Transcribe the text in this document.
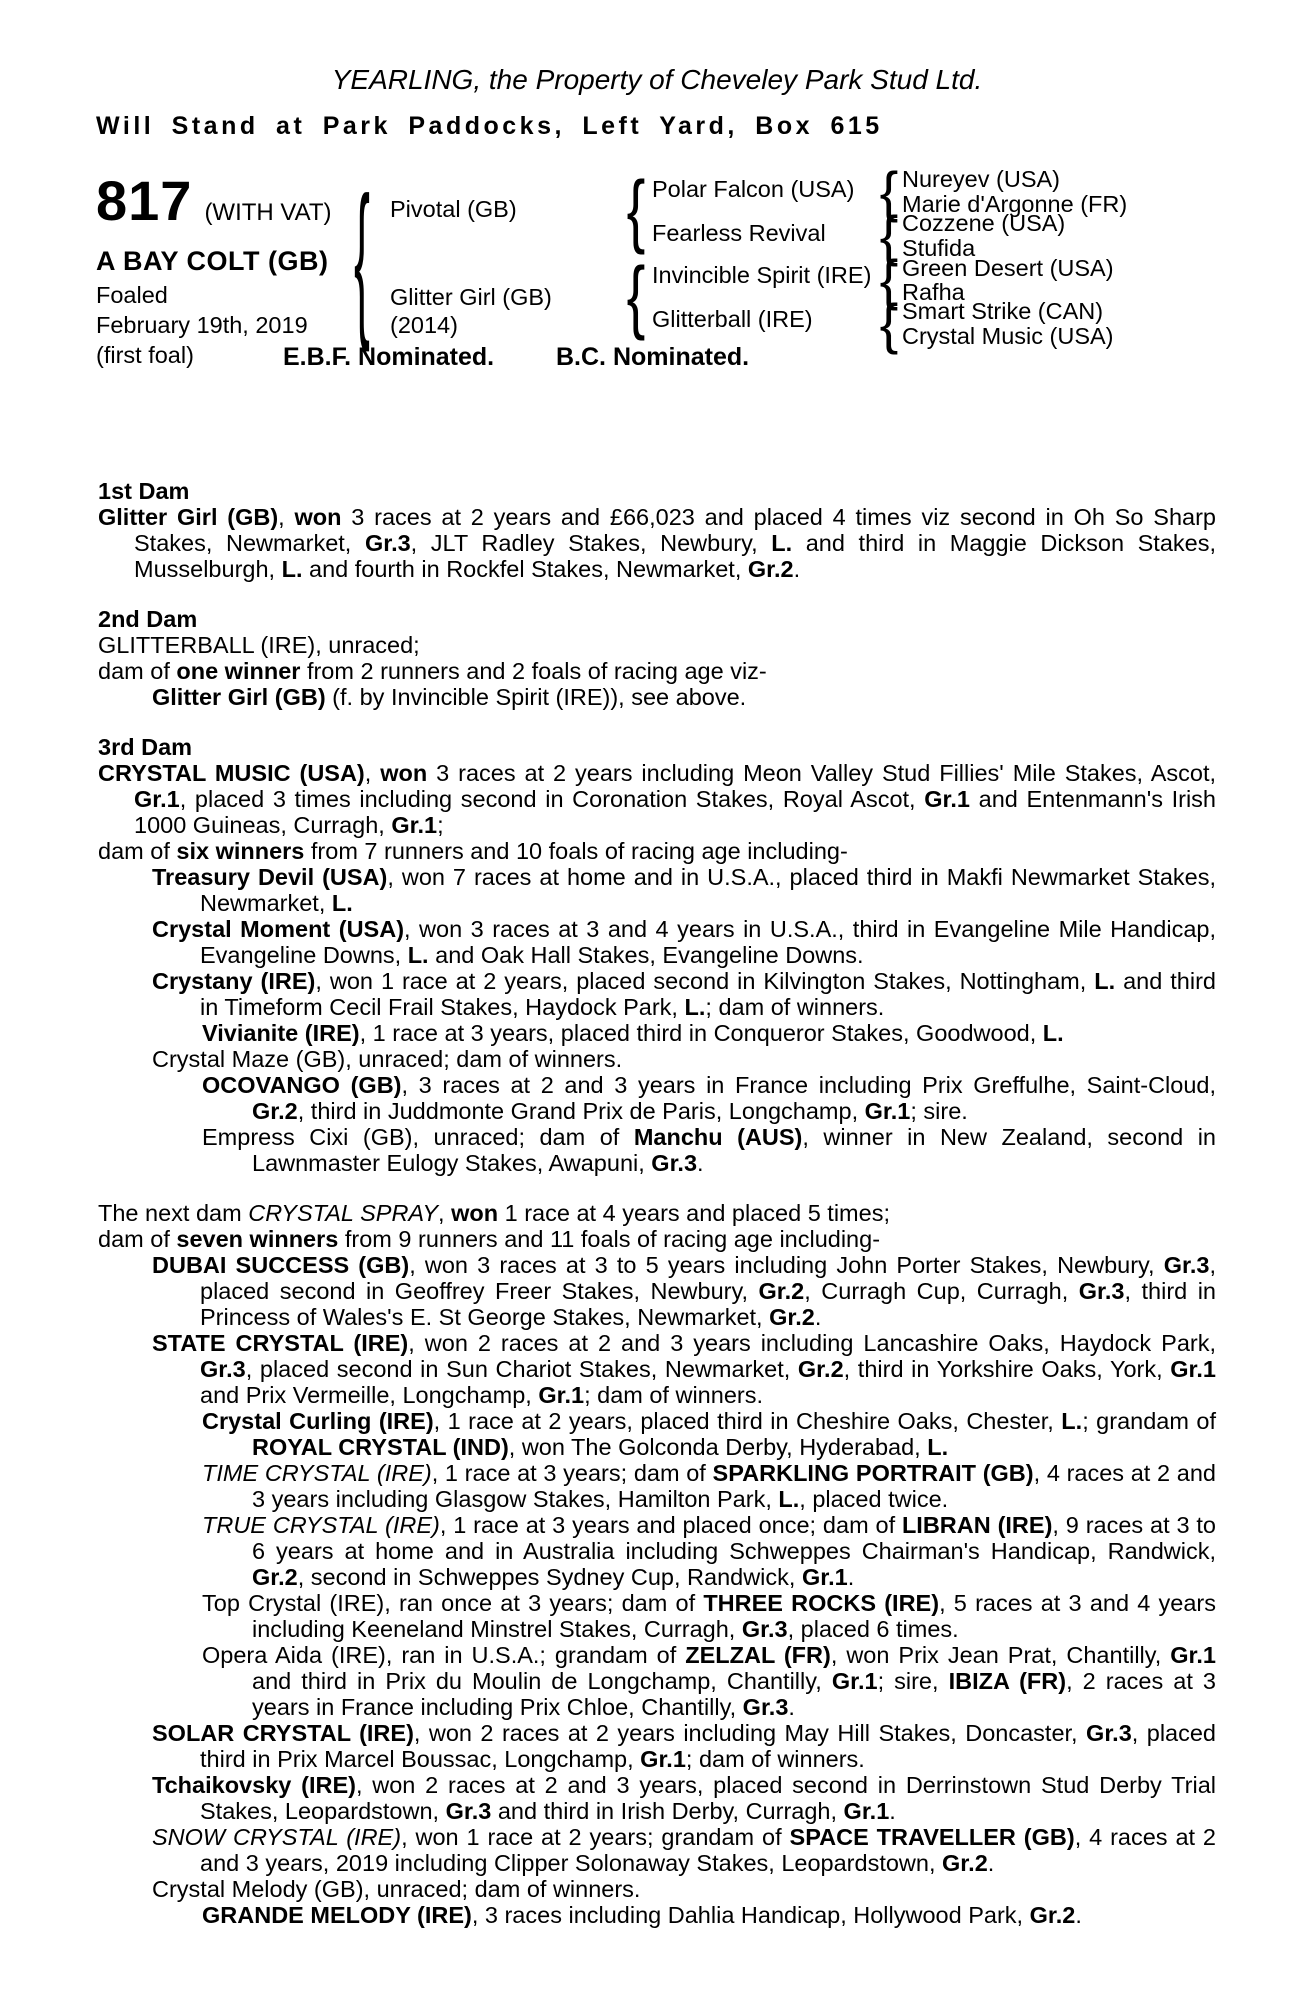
YEARLING, the Property of Cheveley Park Stud Ltd.
Will Stand at Park Paddocks, Left Yard, Box 615
817 (WITH VAT)
A BAY COLT (GB)
Foaled
February 19th, 2019
(first foal)
{
{
{
{
{
{
{
Pivotal (GB)
Glitter Girl (GB)
(2014)
Polar Falcon (USA)
Fearless Revival
Invincible Spirit (IRE)
Glitterball (IRE)
Nureyev (USA)
Marie d'Argonne (FR)
Cozzene (USA)
Stufida
Green Desert (USA)
Rafha
Smart Strike (CAN)
Crystal Music (USA)
E.B.F. Nominated. B.C. Nominated.
1st Dam

Glitter Girl (GB), won 3 races at 2 years and £66,023 and placed 4 times viz second in Oh So Sharp Stakes, Newmarket, Gr.3, JLT Radley Stakes, Newbury, L. and third in Maggie Dickson Stakes, Musselburgh, L. and fourth in Rockfel Stakes, Newmarket, Gr.2.

2nd Dam

GLITTERBALL (IRE), unraced;

dam of one winner from 2 runners and 2 foals of racing age viz-

Glitter Girl (GB) (f. by Invincible Spirit (IRE)), see above.

3rd Dam

CRYSTAL MUSIC (USA), won 3 races at 2 years including Meon Valley Stud Fillies' Mile Stakes, Ascot, Gr.1, placed 3 times including second in Coronation Stakes, Royal Ascot, Gr.1 and Entenmann's Irish 1000 Guineas, Curragh, Gr.1;

dam of six winners from 7 runners and 10 foals of racing age including-

Treasury Devil (USA), won 7 races at home and in U.S.A., placed third in Makfi Newmarket Stakes, Newmarket, L.

Crystal Moment (USA), won 3 races at 3 and 4 years in U.S.A., third in Evangeline Mile Handicap, Evangeline Downs, L. and Oak Hall Stakes, Evangeline Downs.

Crystany (IRE), won 1 race at 2 years, placed second in Kilvington Stakes, Nottingham, L. and third in Timeform Cecil Frail Stakes, Haydock Park, L.; dam of winners.

Vivianite (IRE), 1 race at 3 years, placed third in Conqueror Stakes, Goodwood, L.

Crystal Maze (GB), unraced; dam of winners.

OCOVANGO (GB), 3 races at 2 and 3 years in France including Prix Greffulhe, Saint-Cloud, Gr.2, third in Juddmonte Grand Prix de Paris, Longchamp, Gr.1; sire.

Empress Cixi (GB), unraced; dam of Manchu (AUS), winner in New Zealand, second in Lawnmaster Eulogy Stakes, Awapuni, Gr.3.

The next dam CRYSTAL SPRAY, won 1 race at 4 years and placed 5 times;

dam of seven winners from 9 runners and 11 foals of racing age including-

DUBAI SUCCESS (GB), won 3 races at 3 to 5 years including John Porter Stakes, Newbury, Gr.3, placed second in Geoffrey Freer Stakes, Newbury, Gr.2, Curragh Cup, Curragh, Gr.3, third in Princess of Wales's E. St George Stakes, Newmarket, Gr.2.

STATE CRYSTAL (IRE), won 2 races at 2 and 3 years including Lancashire Oaks, Haydock Park, Gr.3, placed second in Sun Chariot Stakes, Newmarket, Gr.2, third in Yorkshire Oaks, York, Gr.1 and Prix Vermeille, Longchamp, Gr.1; dam of winners.

Crystal Curling (IRE), 1 race at 2 years, placed third in Cheshire Oaks, Chester, L.; grandam of ROYAL CRYSTAL (IND), won The Golconda Derby, Hyderabad, L.

TIME CRYSTAL (IRE), 1 race at 3 years; dam of SPARKLING PORTRAIT (GB), 4 races at 2 and 3 years including Glasgow Stakes, Hamilton Park, L., placed twice.

TRUE CRYSTAL (IRE), 1 race at 3 years and placed once; dam of LIBRAN (IRE), 9 races at 3 to 6 years at home and in Australia including Schweppes Chairman's Handicap, Randwick, Gr.2, second in Schweppes Sydney Cup, Randwick, Gr.1.

Top Crystal (IRE), ran once at 3 years; dam of THREE ROCKS (IRE), 5 races at 3 and 4 years including Keeneland Minstrel Stakes, Curragh, Gr.3, placed 6 times.

Opera Aida (IRE), ran in U.S.A.; grandam of ZELZAL (FR), won Prix Jean Prat, Chantilly, Gr.1 and third in Prix du Moulin de Longchamp, Chantilly, Gr.1; sire, IBIZA (FR), 2 races at 3 years in France including Prix Chloe, Chantilly, Gr.3.

SOLAR CRYSTAL (IRE), won 2 races at 2 years including May Hill Stakes, Doncaster, Gr.3, placed third in Prix Marcel Boussac, Longchamp, Gr.1; dam of winners.

Tchaikovsky (IRE), won 2 races at 2 and 3 years, placed second in Derrinstown Stud Derby Trial Stakes, Leopardstown, Gr.3 and third in Irish Derby, Curragh, Gr.1.

SNOW CRYSTAL (IRE), won 1 race at 2 years; grandam of SPACE TRAVELLER (GB), 4 races at 2 and 3 years, 2019 including Clipper Solonaway Stakes, Leopardstown, Gr.2.

Crystal Melody (GB), unraced; dam of winners.

GRANDE MELODY (IRE), 3 races including Dahlia Handicap, Hollywood Park, Gr.2.
